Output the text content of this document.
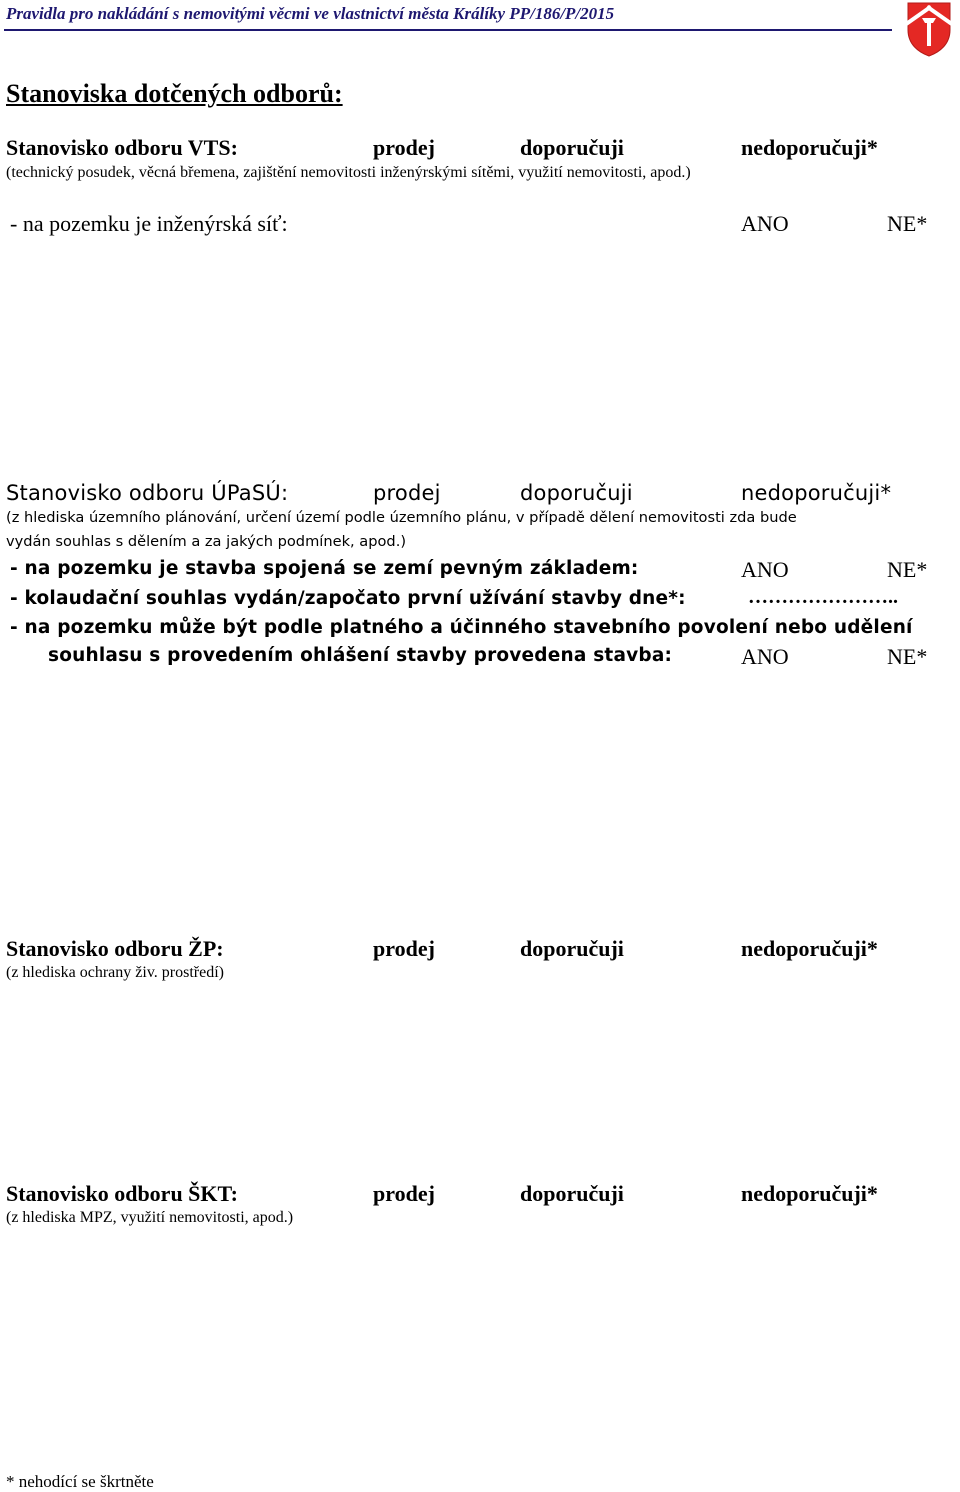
Pravidla pro nakládání s nemovitými věcmi ve vlastnictví města Králíky PP/186/P/2015
Stanoviska dotčených odborů:
Stanovisko odboru VTS:	prodej	doporučuji	nedoporučuji*
(technický posudek, věcná břemena, zajištění nemovitosti inženýrskými sítěmi, využití nemovitosti, apod.)
- na pozemku je inženýrská síť:	ANO	NE*
Stanovisko odboru ÚPaSÚ:	prodej	doporučuji	nedoporučuji*
(z hlediska územního plánování, určení území podle územního plánu, v případě dělení nemovitosti zda bude
vydán souhlas s dělením a za jakých podmínek, apod.)
- na pozemku je stavba spojená se zemí pevným základem:	ANO	NE*
- kolaudační souhlas vydán/započato první užívání stavby dne*:	…………………..
- na pozemku může být podle platného a účinného stavebního povolení nebo udělení
souhlasu s provedením ohlášení stavby provedena stavba:	ANO	NE*
Stanovisko odboru ŽP:	prodej	doporučuji	nedoporučuji*
(z hlediska ochrany živ. prostředí)
Stanovisko odboru ŠKT:	prodej	doporučuji	nedoporučuji*
(z hlediska MPZ, využití nemovitosti, apod.)
* nehodící se škrtněte
